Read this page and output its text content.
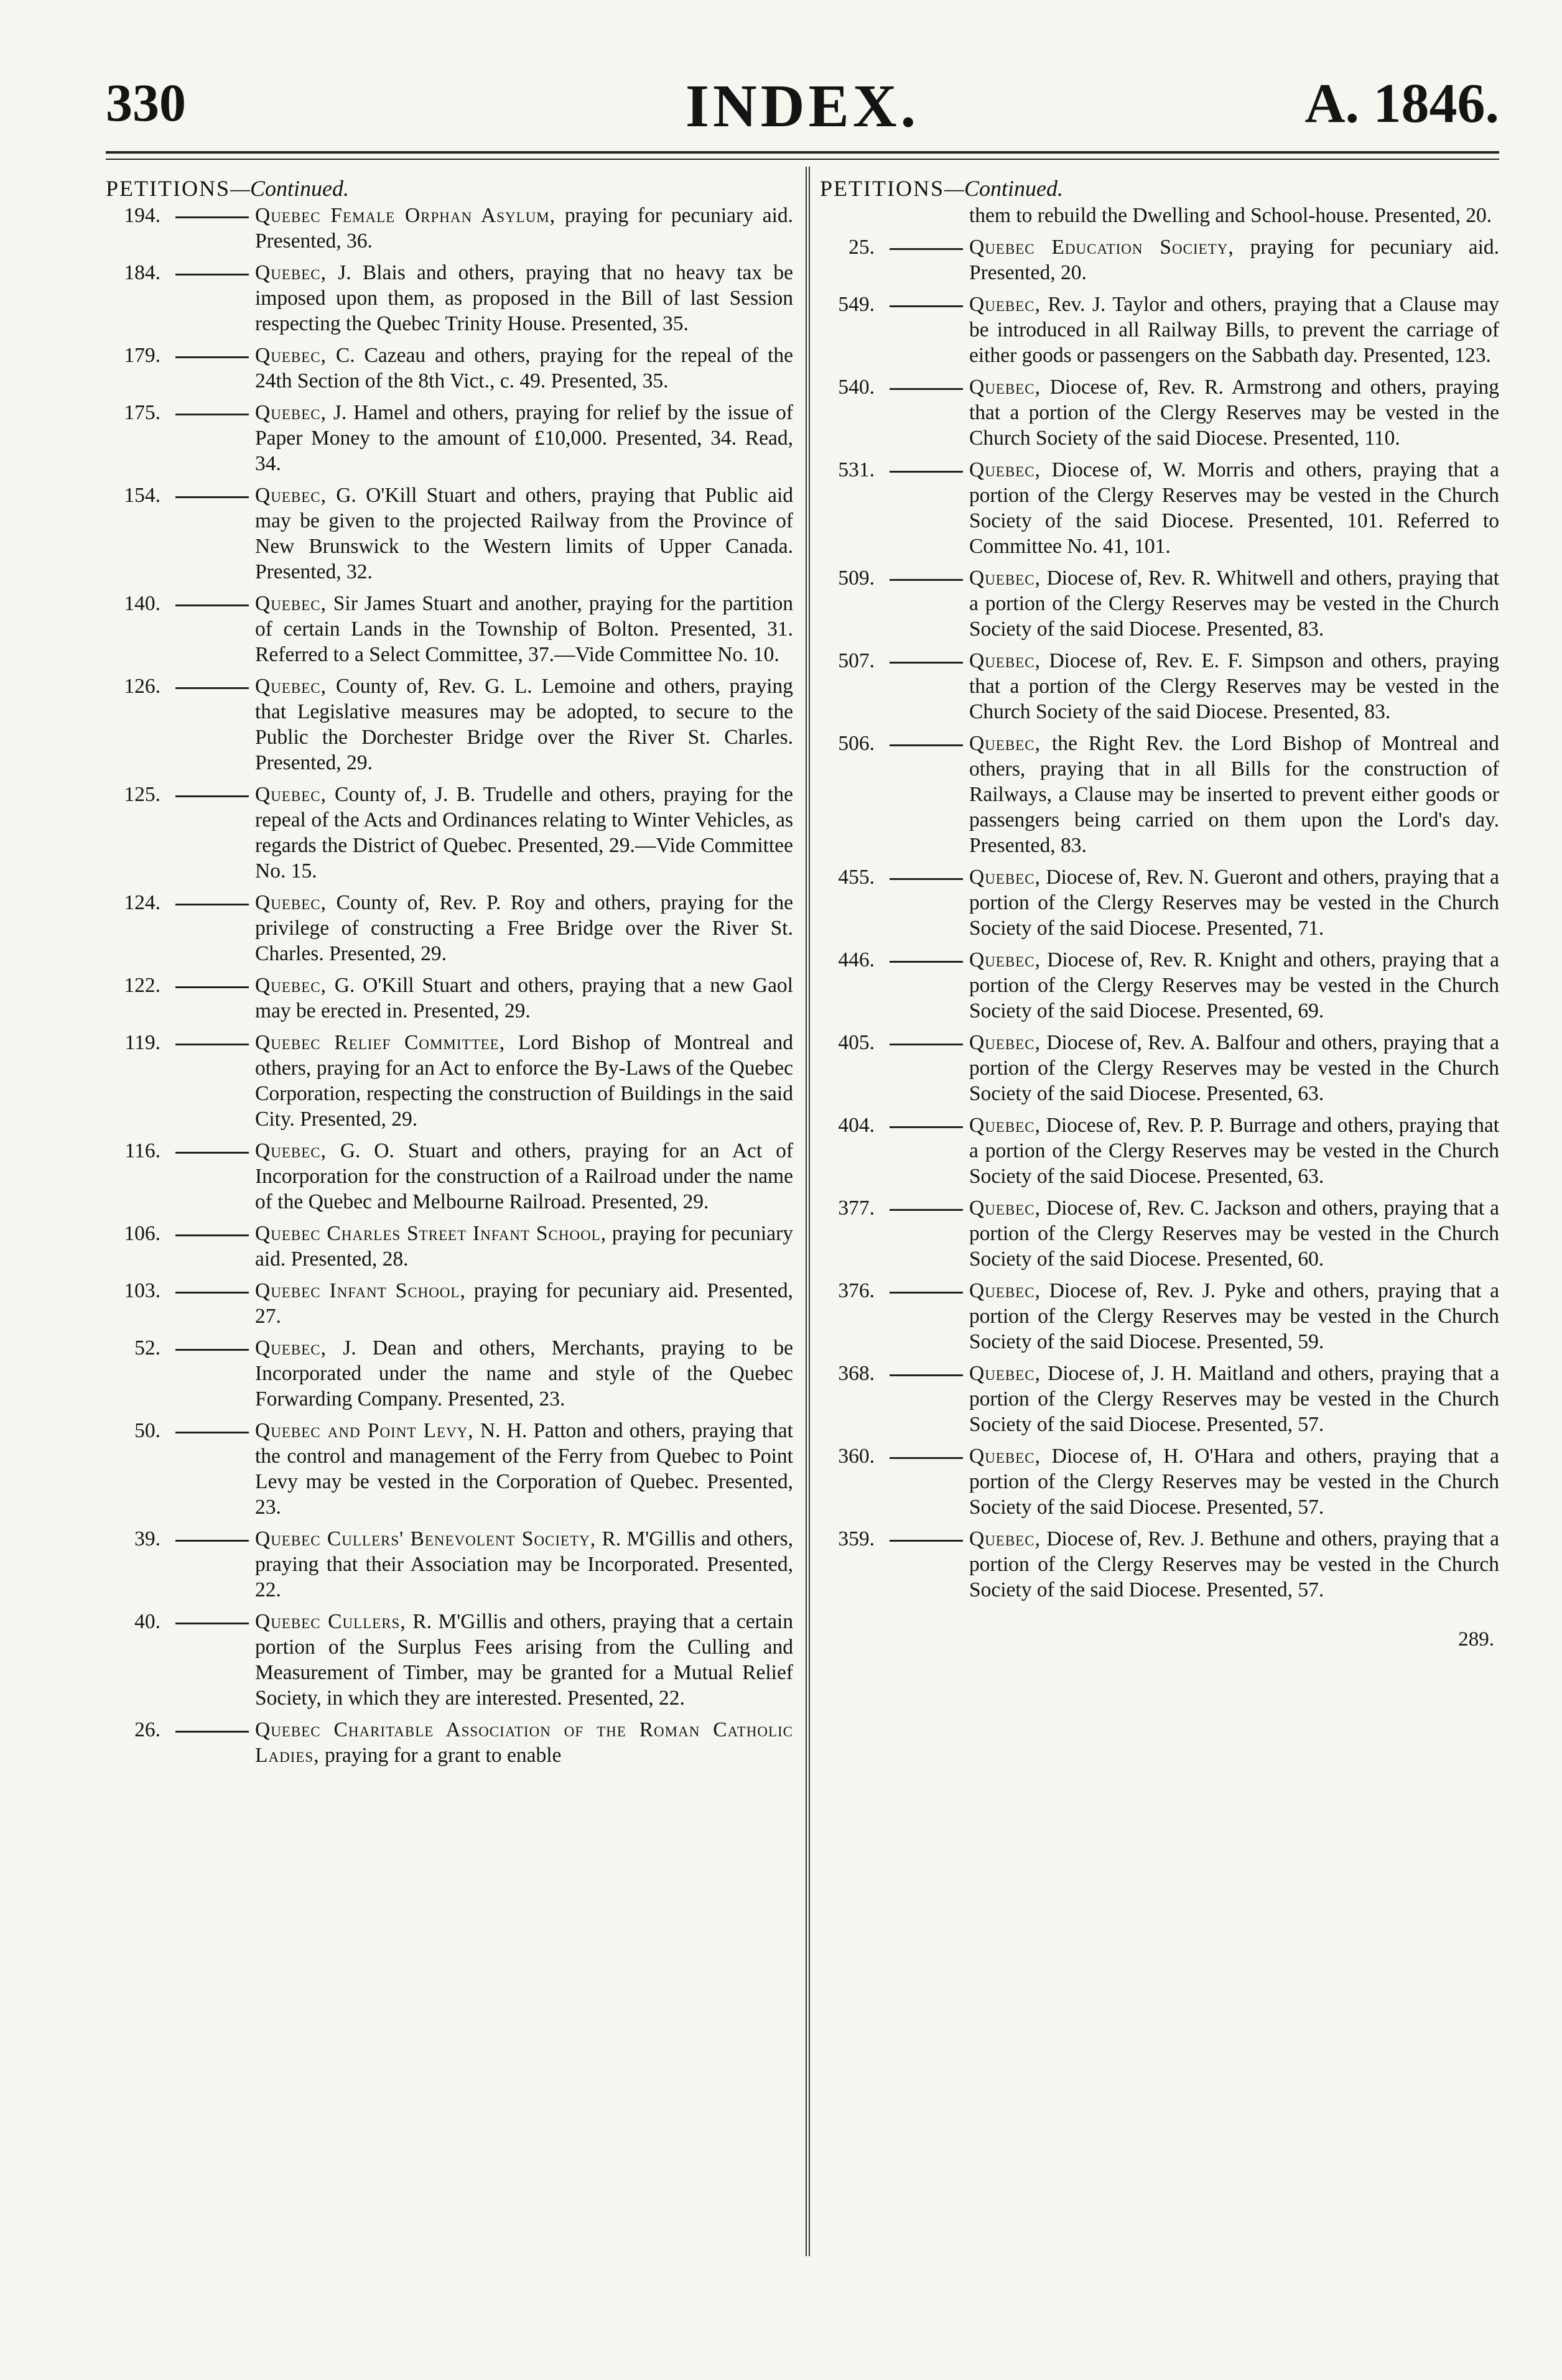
330	INDEX.	A. 1846.
PETITIONS—Continued.
194.	Quebec Female Orphan Asylum, praying for pecuniary aid. Presented, 36.
184.	Quebec, J. Blais and others, praying that no heavy tax be imposed upon them, as proposed in the Bill of last Session respecting the Quebec Trinity House. Presented, 35.
179.	Quebec, C. Cazeau and others, praying for the repeal of the 24th Section of the 8th Vict., c. 49. Presented, 35.
175.	Quebec, J. Hamel and others, praying for relief by the issue of Paper Money to the amount of £10,000. Presented, 34. Read, 34.
154.	Quebec, G. O'Kill Stuart and others, praying that Public aid may be given to the projected Railway from the Province of New Brunswick to the Western limits of Upper Canada. Presented, 32.
140.	Quebec, Sir James Stuart and another, praying for the partition of certain Lands in the Township of Bolton. Presented, 31. Referred to a Select Committee, 37.—Vide Committee No. 10.
126.	Quebec, County of, Rev. G. L. Lemoine and others, praying that Legislative measures may be adopted, to secure to the Public the Dorchester Bridge over the River St. Charles. Presented, 29.
125.	Quebec, County of, J. B. Trudelle and others, praying for the repeal of the Acts and Ordinances relating to Winter Vehicles, as regards the District of Quebec. Presented, 29.—Vide Committee No. 15.
124.	Quebec, County of, Rev. P. Roy and others, praying for the privilege of constructing a Free Bridge over the River St. Charles. Presented, 29.
122.	Quebec, G. O'Kill Stuart and others, praying that a new Gaol may be erected in. Presented, 29.
119.	Quebec Relief Committee, Lord Bishop of Montreal and others, praying for an Act to enforce the By-Laws of the Quebec Corporation, respecting the construction of Buildings in the said City. Presented, 29.
116.	Quebec, G. O. Stuart and others, praying for an Act of Incorporation for the construction of a Railroad under the name of the Quebec and Melbourne Railroad. Presented, 29.
106.	Quebec Charles Street Infant School, praying for pecuniary aid. Presented, 28.
103.	Quebec Infant School, praying for pecuniary aid. Presented, 27.
52.	Quebec, J. Dean and others, Merchants, praying to be Incorporated under the name and style of the Quebec Forwarding Company. Presented, 23.
50.	Quebec and Point Levy, N. H. Patton and others, praying that the control and management of the Ferry from Quebec to Point Levy may be vested in the Corporation of Quebec. Presented, 23.
39.	Quebec Cullers' Benevolent Society, R. M'Gillis and others, praying that their Association may be Incorporated. Presented, 22.
40.	Quebec Cullers, R. M'Gillis and others, praying that a certain portion of the Surplus Fees arising from the Culling and Measurement of Timber, may be granted for a Mutual Relief Society, in which they are interested. Presented, 22.
26.	Quebec Charitable Association of the Roman Catholic Ladies, praying for a grant to enable
PETITIONS—Continued.
them to rebuild the Dwelling and School-house. Presented, 20.
25.	Quebec Education Society, praying for pecuniary aid. Presented, 20.
549.	Quebec, Rev. J. Taylor and others, praying that a Clause may be introduced in all Railway Bills, to prevent the carriage of either goods or passengers on the Sabbath day. Presented, 123.
540.	Quebec, Diocese of, Rev. R. Armstrong and others, praying that a portion of the Clergy Reserves may be vested in the Church Society of the said Diocese. Presented, 110.
531.	Quebec, Diocese of, W. Morris and others, praying that a portion of the Clergy Reserves may be vested in the Church Society of the said Diocese. Presented, 101. Referred to Committee No. 41, 101.
509.	Quebec, Diocese of, Rev. R. Whitwell and others, praying that a portion of the Clergy Reserves may be vested in the Church Society of the said Diocese. Presented, 83.
507.	Quebec, Diocese of, Rev. E. F. Simpson and others, praying that a portion of the Clergy Reserves may be vested in the Church Society of the said Diocese. Presented, 83.
506.	Quebec, the Right Rev. the Lord Bishop of Montreal and others, praying that in all Bills for the construction of Railways, a Clause may be inserted to prevent either goods or passengers being carried on them upon the Lord's day. Presented, 83.
455.	Quebec, Diocese of, Rev. N. Gueront and others, praying that a portion of the Clergy Reserves may be vested in the Church Society of the said Diocese. Presented, 71.
446.	Quebec, Diocese of, Rev. R. Knight and others, praying that a portion of the Clergy Reserves may be vested in the Church Society of the said Diocese. Presented, 69.
405.	Quebec, Diocese of, Rev. A. Balfour and others, praying that a portion of the Clergy Reserves may be vested in the Church Society of the said Diocese. Presented, 63.
404.	Quebec, Diocese of, Rev. P. P. Burrage and others, praying that a portion of the Clergy Reserves may be vested in the Church Society of the said Diocese. Presented, 63.
377.	Quebec, Diocese of, Rev. C. Jackson and others, praying that a portion of the Clergy Reserves may be vested in the Church Society of the said Diocese. Presented, 60.
376.	Quebec, Diocese of, Rev. J. Pyke and others, praying that a portion of the Clergy Reserves may be vested in the Church Society of the said Diocese. Presented, 59.
368.	Quebec, Diocese of, J. H. Maitland and others, praying that a portion of the Clergy Reserves may be vested in the Church Society of the said Diocese. Presented, 57.
360.	Quebec, Diocese of, H. O'Hara and others, praying that a portion of the Clergy Reserves may be vested in the Church Society of the said Diocese. Presented, 57.
359.	Quebec, Diocese of, Rev. J. Bethune and others, praying that a portion of the Clergy Reserves may be vested in the Church Society of the said Diocese. Presented, 57.
289.
